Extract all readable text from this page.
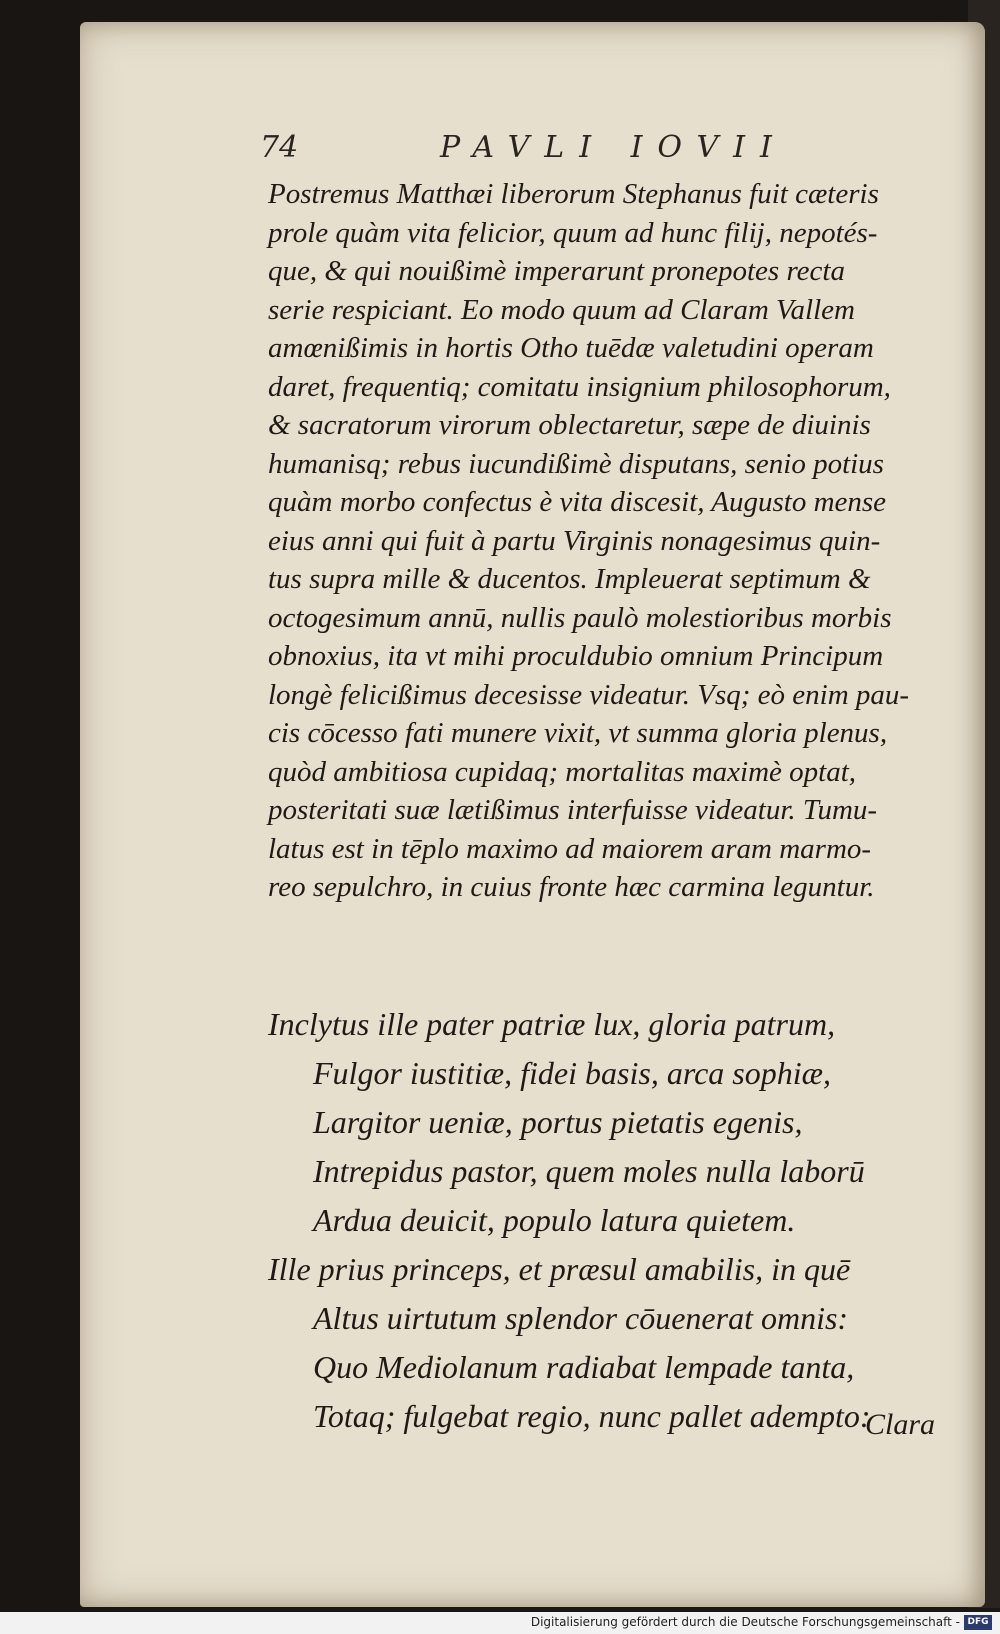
74	PAVLI IOVII
Postremus Matthæi liberorum Stephanus fuit cæteris
prole quàm vita felicior, quum ad hunc filij, nepotés-
que, & qui nouißimè imperarunt pronepotes recta
serie respiciant. Eo modo quum ad Claram Vallem
amœnißimis in hortis Otho tuēdæ valetudini operam
daret, frequentiq; comitatu insignium philosophorum,
& sacratorum virorum oblectaretur, sæpe de diuinis
humanisq; rebus iucundißimè disputans, senio potius
quàm morbo confectus è vita discesit, Augusto mense
eius anni qui fuit à partu Virginis nonagesimus quin-
tus supra mille & ducentos. Impleuerat septimum &
octogesimum annū, nullis paulò molestioribus morbis
obnoxius, ita vt mihi proculdubio omnium Principum
longè felicißimus decesisse videatur. Vsq; eò enim pau-
cis cōcesso fati munere vixit, vt summa gloria plenus,
quòd ambitiosa cupidaq; mortalitas maximè optat,
posteritati suæ lætißimus interfuisse videatur. Tumu-
latus est in tēplo maximo ad maiorem aram marmo-
reo sepulchro, in cuius fronte hæc carmina leguntur.
Inclytus ille pater patriæ lux, gloria patrum,
Fulgor iustitiæ, fidei basis, arca sophiæ,
Largitor ueniæ, portus pietatis egenis,
Intrepidus pastor, quem moles nulla laborū
Ardua deuicit, populo latura quietem.
Ille prius princeps, et præsul amabilis, in quē
Altus uirtutum splendor cōuenerat omnis:
Quo Mediolanum radiabat lempade tanta,
Totaq; fulgebat regio, nunc pallet adempto:
Clara
Digitalisierung gefördert durch die Deutsche Forschungsgemeinschaft - DFG
